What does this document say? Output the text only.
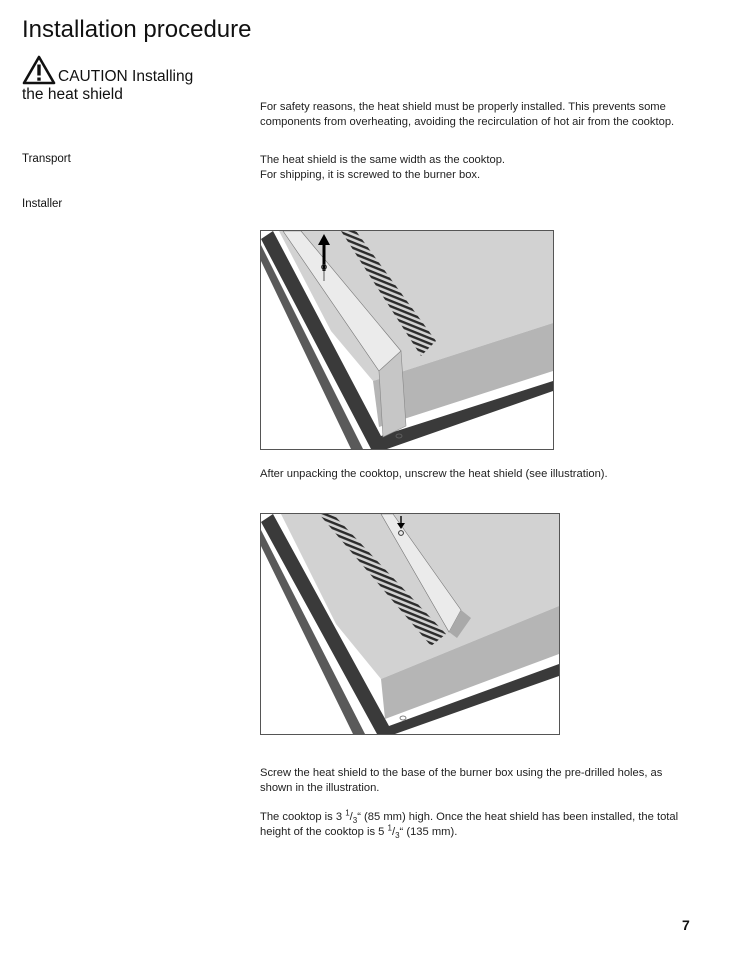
Installation procedure
CAUTION Installing
the heat shield

For safety reasons, the heat shield must be properly installed. This prevents some components from overheating, avoiding the recirculation of hot air from the cooktop.

Transport	The heat shield is the same width as the cooktop.
For shipping, it is screwed to the burner box.
Installer

After unpacking the cooktop, unscrew the heat shield (see illustration).

Screw the heat shield to the base of the burner box using the pre-drilled holes, as shown in the illustration.

The cooktop is 3 $^1/_3“$ (85 mm) high. Once the heat shield has been installed, the total height of the cooktop is 5 $^1/_3“$ (135 mm).

7
